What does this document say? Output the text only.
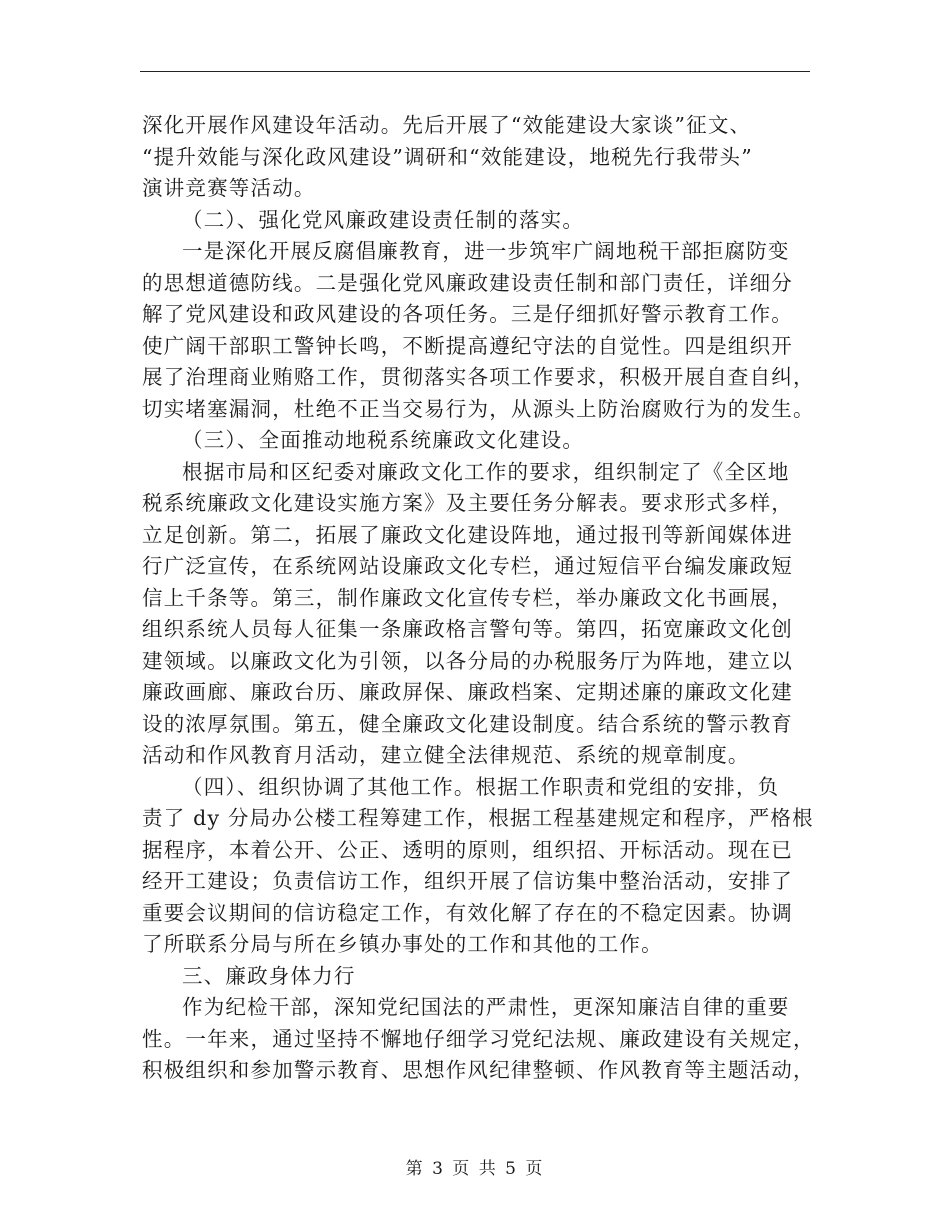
深化开展作风建设年活动。先后开展了“效能建设大家谈”征文、
“提升效能与深化政风建设”调研和“效能建设，地税先行我带头”
演讲竞赛等活动。
（二）、强化党风廉政建设责任制的落实。
一是深化开展反腐倡廉教育，进一步筑牢广阔地税干部拒腐防变
的思想道德防线。二是强化党风廉政建设责任制和部门责任，详细分
解了党风建设和政风建设的各项任务。三是仔细抓好警示教育工作。
使广阔干部职工警钟长鸣，不断提高遵纪守法的自觉性。四是组织开
展了治理商业贿赂工作，贯彻落实各项工作要求，积极开展自查自纠，
切实堵塞漏洞，杜绝不正当交易行为，从源头上防治腐败行为的发生。
（三）、全面推动地税系统廉政文化建设。
根据市局和区纪委对廉政文化工作的要求，组织制定了《全区地
税系统廉政文化建设实施方案》及主要任务分解表。要求形式多样，
立足创新。第二，拓展了廉政文化建设阵地，通过报刊等新闻媒体进
行广泛宣传，在系统网站设廉政文化专栏，通过短信平台编发廉政短
信上千条等。第三，制作廉政文化宣传专栏，举办廉政文化书画展，
组织系统人员每人征集一条廉政格言警句等。第四，拓宽廉政文化创
建领域。以廉政文化为引领，以各分局的办税服务厅为阵地，建立以
廉政画廊、廉政台历、廉政屏保、廉政档案、定期述廉的廉政文化建
设的浓厚氛围。第五，健全廉政文化建设制度。结合系统的警示教育
活动和作风教育月活动，建立健全法律规范、系统的规章制度。
（四）、组织协调了其他工作。根据工作职责和党组的安排，负
责了 dy 分局办公楼工程筹建工作，根据工程基建规定和程序，严格根
据程序，本着公开、公正、透明的原则，组织招、开标活动。现在已
经开工建设；负责信访工作，组织开展了信访集中整治活动，安排了
重要会议期间的信访稳定工作，有效化解了存在的不稳定因素。协调
了所联系分局与所在乡镇办事处的工作和其他的工作。
三、廉政身体力行
作为纪检干部，深知党纪国法的严肃性，更深知廉洁自律的重要
性。一年来，通过坚持不懈地仔细学习党纪法规、廉政建设有关规定，
积极组织和参加警示教育、思想作风纪律整顿、作风教育等主题活动，
第 3 页 共 5 页
